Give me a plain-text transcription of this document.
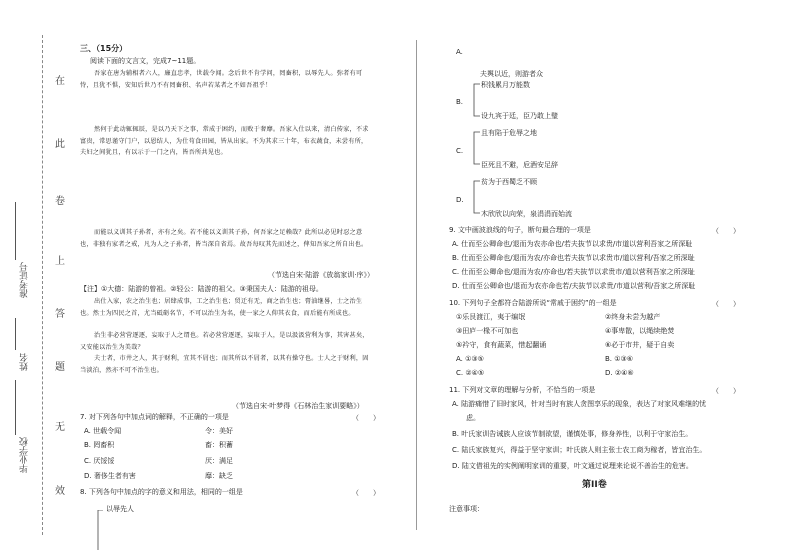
在
此
卷
上
答
题
无
效
准考证号
姓名
毕业学校
三、（15分）
阅读下面的文言文，完成7~11题。
吾家在唐为辅相者六人，廉直忠孝，世载令闻。念后世不肯学问，罔畜积，以辱先人。弥者有可恃，且犹不惧，安知后世乃不有罔畜积、名声若某者之不如吾祖乎！
然何于此动辄辄辰，是以乃天下之事，常成于困约，而败于奢靡。吾家入仕以来，清白传家，不求富贵，常思谨守门户，以恩结人，为仕苟食田园，皆从出家。不为其求三十年，布衣蔬食，未尝有所，夫妇之间犹且，有以示于一门之内，皆吾所共见也。
而能以义训其子孙者，亦有之矣。若不能以义训其子孙，何吾家之足赖哉？此所以必见时忍之意也，非独有家者之戒，凡为人之子孙者，皆当深自省焉。故吾每叹其先而述之，俾知吾家之所自出也。
（节选自宋·陆游《放翁家训·序》）
【注】①大德：陆游的曾祖。②轻公：陆游的祖父。③秉国夫人：陆游的祖母。
出仕入家，农之治生也；居肆成事，工之治生也；贸迁有无，商之治生也；膏油继晷，士之治生也。然士为四民之首，尤当砥砺名节，不可以治生为名，使一家之人仰其衣食，而后能有所成也。
治生非必营营逐逐，妄取于人之谓也。若必营营逐逐，妄取于人，是以汲汲营利为事，其害甚矣，又安能以治生为美哉？
夫士者，市井之人，其于财利，宜其不屑也；而其所以不屑者，以其有操守也。士人之于财利，固当淡泊，然亦不可不治生也。
（节选自宋·叶梦得《石林治生家训要略》）
7. 对下列各句中加点词的解释，不正确的一项是	（　　）
A. 世载令闻	令：美好
B. 罔畜积	畜：积蓄
C. 厌馁馁	厌：满足
D. 奢侈生者有害	靡：缺乏
8. 下列各句中加点的字的意义和用法，相同的一组是	（　　）
以辱先人
A.
夫舆以近，则游者众
B.
积钱累月万能数
设九宾于廷，臣乃敢上璧
C.
且有陷于危辱之地
臣死且不避，卮酒安足辞
D.
贫为于西蜀乏不顾
木欣欣以向荣，泉涓涓而始流
9. 文中画波浪线的句子，断句最合理的一项是	（　　）
A. 仕而至公卿命也/退而为农亦命也/若夫抜节以求贵/市道以营利吾家之所深耻
B. 仕而至公卿命也/退而为农/亦命也若夫抜节以求贵市/道以营利/吾家之所深耻
C. 仕而至公卿命也/退而为农/亦命也/若夫抜节以求贵市/道以营利吾家之所深耻
D. 仕而至公卿命也/退而为农亦命也若/夫抜节以求贵/市道以营利/吾家之所深耻
10. 下列句子全都符合陆游所说“常戚于困约”的一组是	（　　）
①乐艮渡江，夷于编氓	②终身未尝为越产
③田庐一椽不可加也	④事卑散，以绳续绝焚
⑤衿守，食有蔬菜，惜起翻诵	⑥必于市井，疑于自卖
A. ①③⑤	B. ①③⑥
C. ②④⑤	D. ②④⑥
11. 下列对文章的理解与分析，不恰当的一项是	（　　）
A. 陆游痛惜了旧时家风，针对当时有族人贪图享乐的现象，表达了对家风难继的忧
虑。
B. 叶氏家训告诫族人应该节制欲望，谨慎处事，修身养性，以利于守家治生。
C. 陆氏家族复兴，得益于坚守家训；叶氏族人则主张士农工商为稼者，皆宜治生。
D. 陆文借祖先的实例阐明家训的重要，叶文通过说理来论说不善治生的危害。
第II卷
注意事项：
